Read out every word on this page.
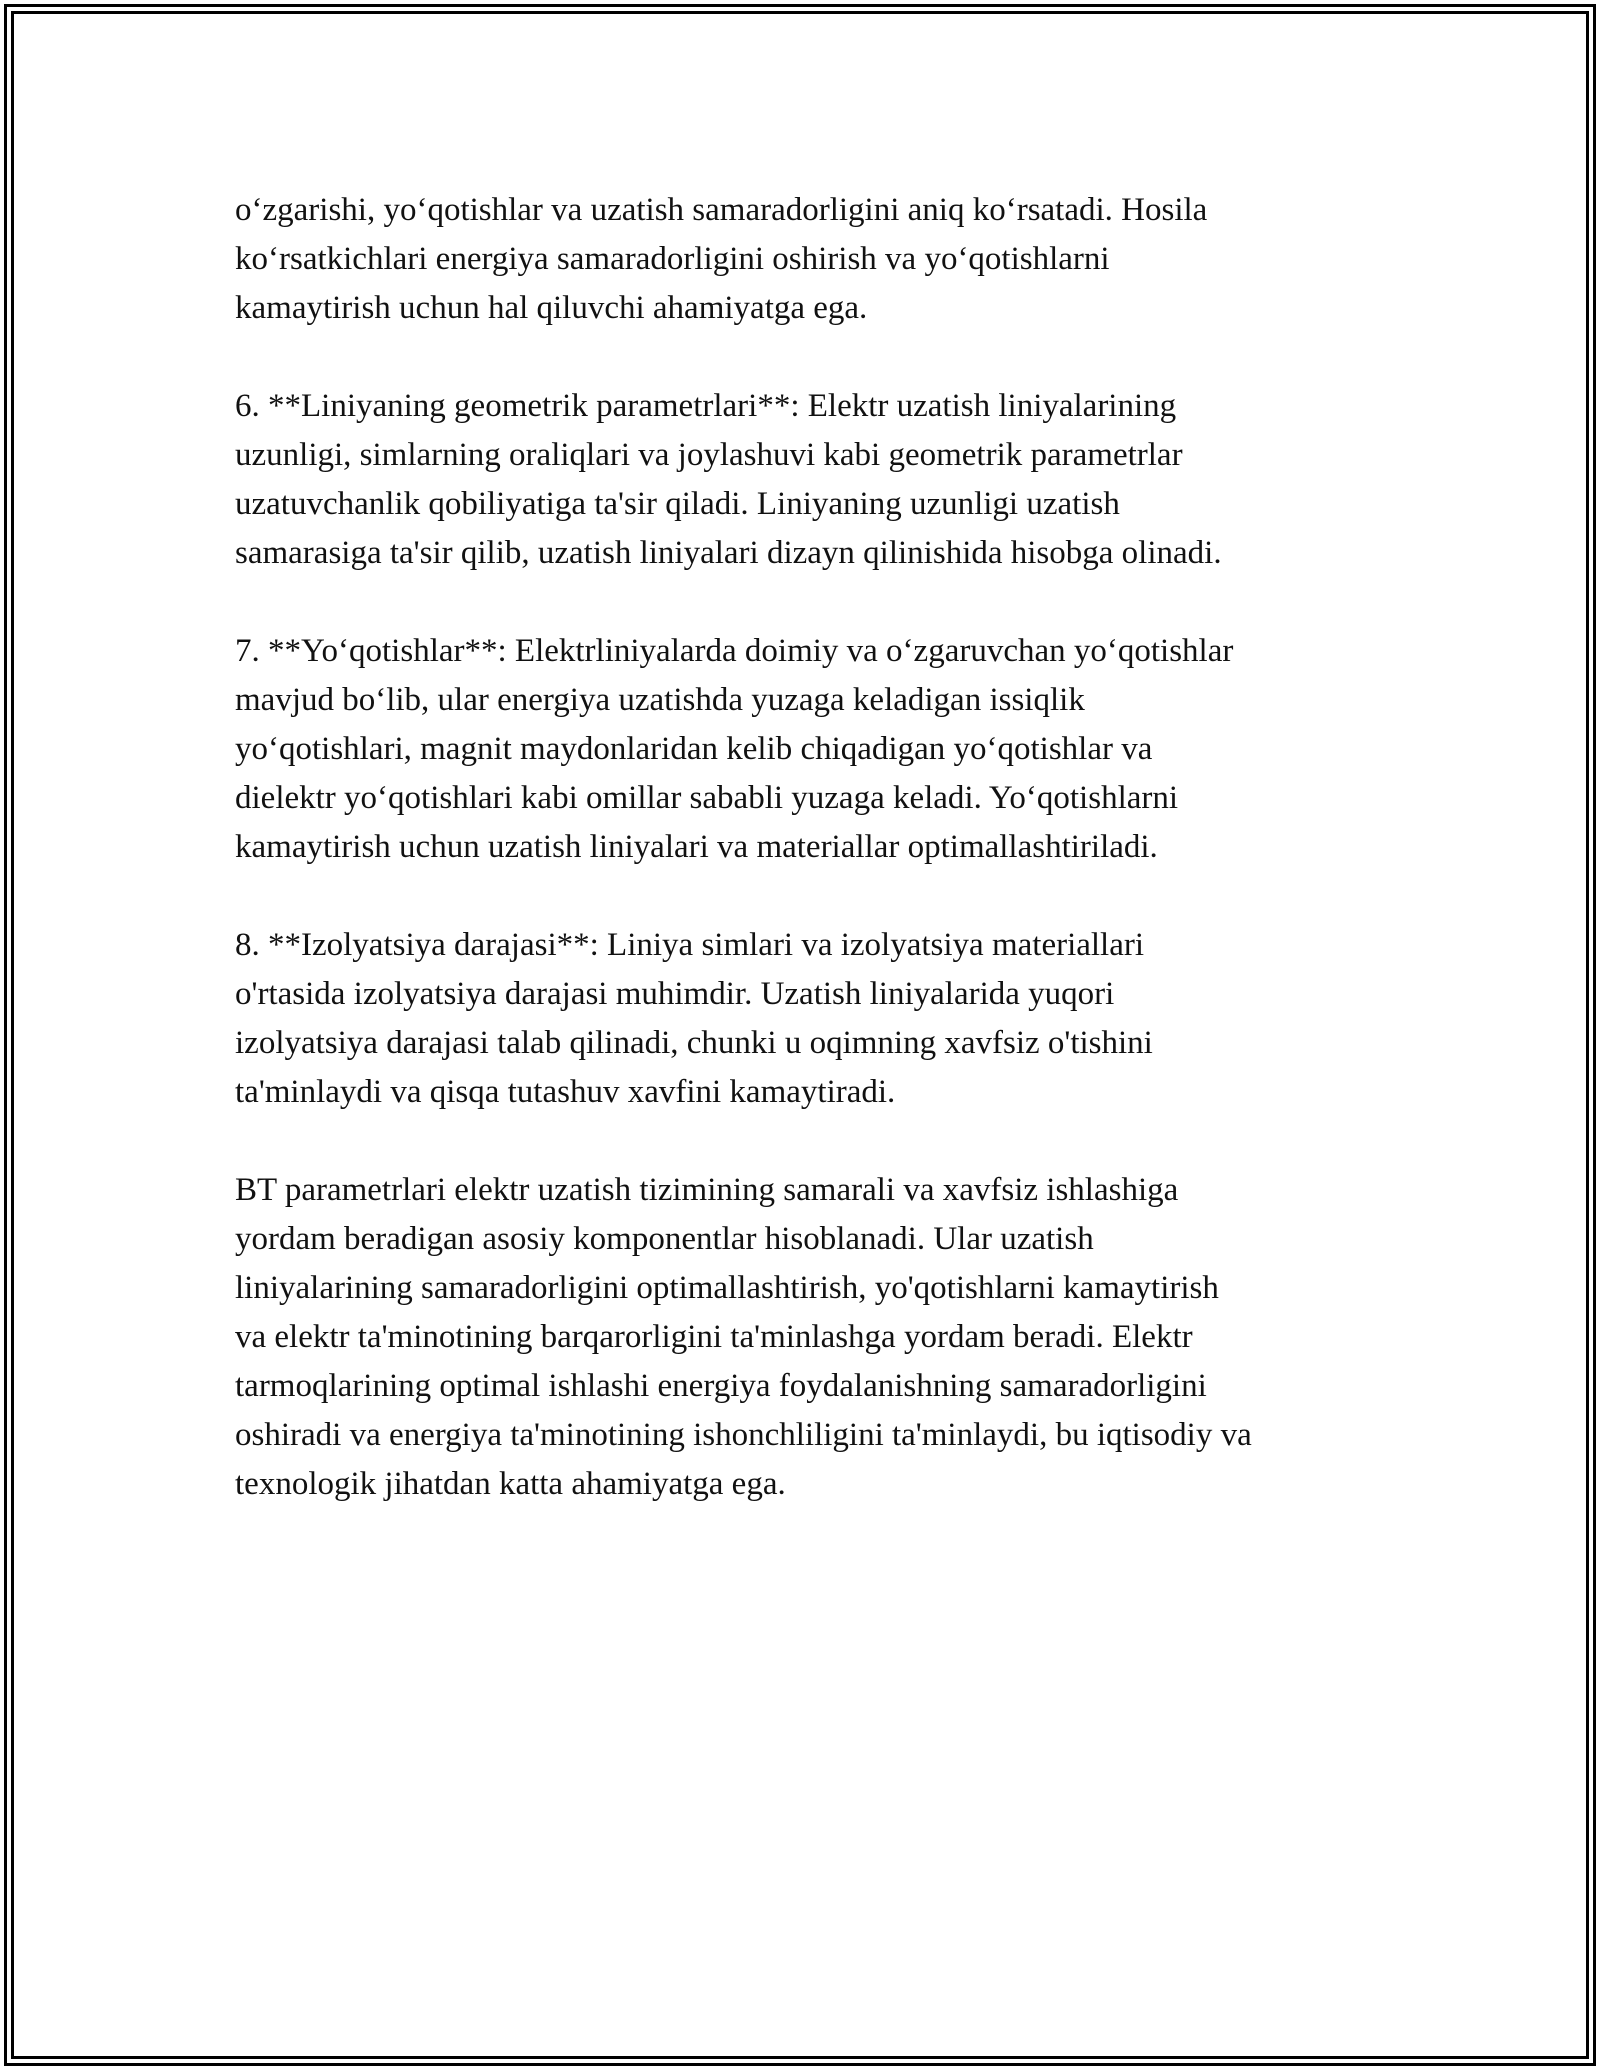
o‘zgarishi, yo‘qotishlar va uzatish samaradorligini aniq ko‘rsatadi. Hosila
ko‘rsatkichlari energiya samaradorligini oshirish va yo‘qotishlarni
kamaytirish uchun hal qiluvchi ahamiyatga ega.

6. **Liniyaning geometrik parametrlari**: Elektr uzatish liniyalarining
uzunligi, simlarning oraliqlari va joylashuvi kabi geometrik parametrlar
uzatuvchanlik qobiliyatiga ta'sir qiladi. Liniyaning uzunligi uzatish
samarasiga ta'sir qilib, uzatish liniyalari dizayn qilinishida hisobga olinadi.

7. **Yo‘qotishlar**: Elektrliniyalarda doimiy va o‘zgaruvchan yo‘qotishlar
mavjud bo‘lib, ular energiya uzatishda yuzaga keladigan issiqlik
yo‘qotishlari, magnit maydonlaridan kelib chiqadigan yo‘qotishlar va
dielektr yo‘qotishlari kabi omillar sababli yuzaga keladi. Yo‘qotishlarni
kamaytirish uchun uzatish liniyalari va materiallar optimallashtiriladi.

8. **Izolyatsiya darajasi**: Liniya simlari va izolyatsiya materiallari
o'rtasida izolyatsiya darajasi muhimdir. Uzatish liniyalarida yuqori
izolyatsiya darajasi talab qilinadi, chunki u oqimning xavfsiz o'tishini
ta'minlaydi va qisqa tutashuv xavfini kamaytiradi.

BT parametrlari elektr uzatish tizimining samarali va xavfsiz ishlashiga
yordam beradigan asosiy komponentlar hisoblanadi. Ular uzatish
liniyalarining samaradorligini optimallashtirish, yo'qotishlarni kamaytirish
va elektr ta'minotining barqarorligini ta'minlashga yordam beradi. Elektr
tarmoqlarining optimal ishlashi energiya foydalanishning samaradorligini
oshiradi va energiya ta'minotining ishonchliligini ta'minlaydi, bu iqtisodiy va
texnologik jihatdan katta ahamiyatga ega.
